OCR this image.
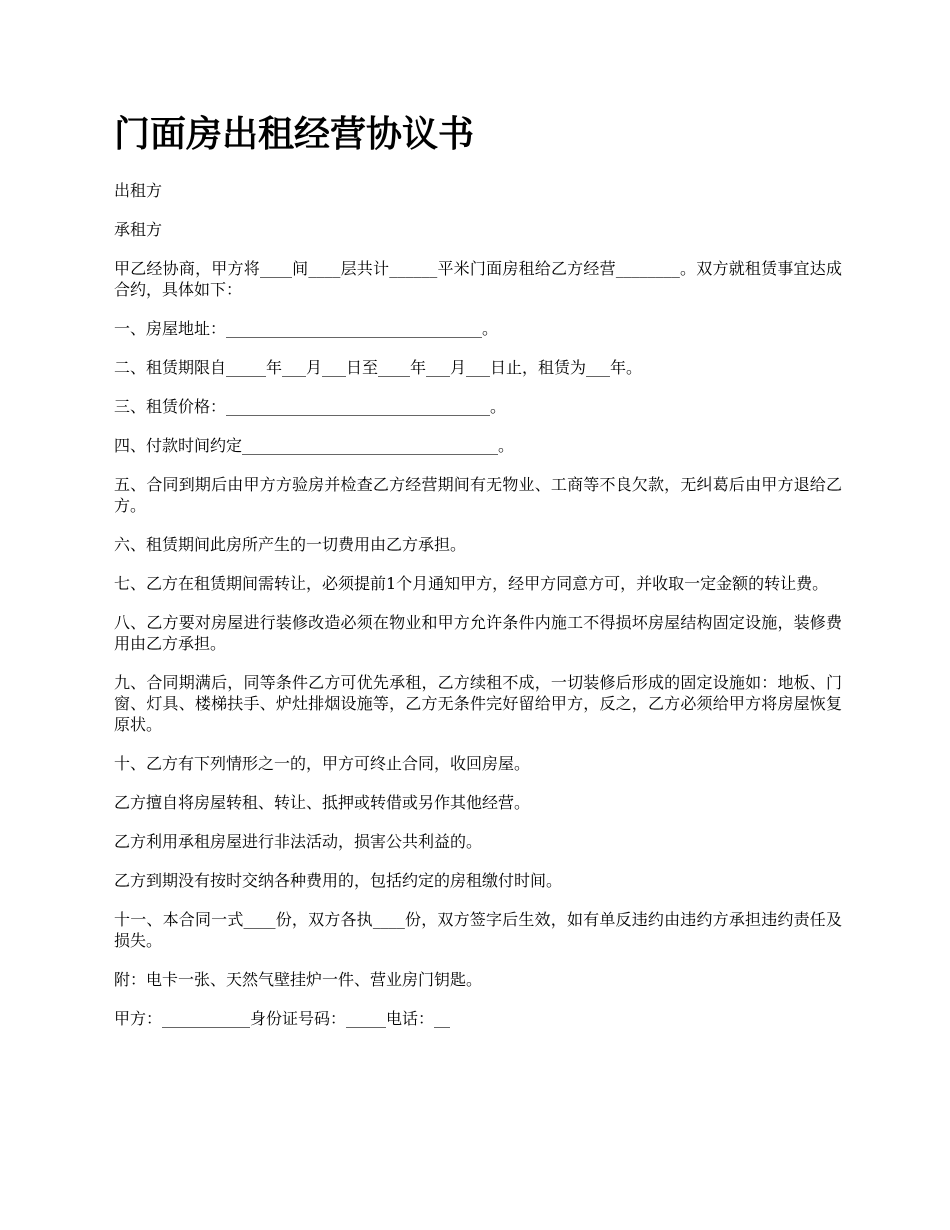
门面房出租经营协议书

出租方

承租方

甲乙经协商，甲方将____间____层共计______平米门面房租给乙方经营________。双方就租赁事宜达成合约，具体如下：

一、房屋地址：________________________________。

二、租赁期限自_____年___月___日至____年___月___日止，租赁为___年。

三、租赁价格：_________________________________。

四、付款时间约定________________________________。

五、合同到期后由甲方方验房并检查乙方经营期间有无物业、工商等不良欠款，无纠葛后由甲方退给乙方。

六、租赁期间此房所产生的一切费用由乙方承担。

七、乙方在租赁期间需转让，必须提前1个月通知甲方，经甲方同意方可，并收取一定金额的转让费。

八、乙方要对房屋进行装修改造必须在物业和甲方允许条件内施工不得损坏房屋结构固定设施，装修费用由乙方承担。

九、合同期满后，同等条件乙方可优先承租，乙方续租不成，一切装修后形成的固定设施如：地板、门窗、灯具、楼梯扶手、炉灶排烟设施等，乙方无条件完好留给甲方，反之，乙方必须给甲方将房屋恢复原状。

十、乙方有下列情形之一的，甲方可终止合同，收回房屋。

乙方擅自将房屋转租、转让、抵押或转借或另作其他经营。

乙方利用承租房屋进行非法活动，损害公共利益的。

乙方到期没有按时交纳各种费用的，包括约定的房租缴付时间。

十一、本合同一式____份，双方各执____份，双方签字后生效，如有单反违约由违约方承担违约责任及损失。

附：电卡一张、天然气壁挂炉一件、营业房门钥匙。

甲方：___________身份证号码：_____电话：__
